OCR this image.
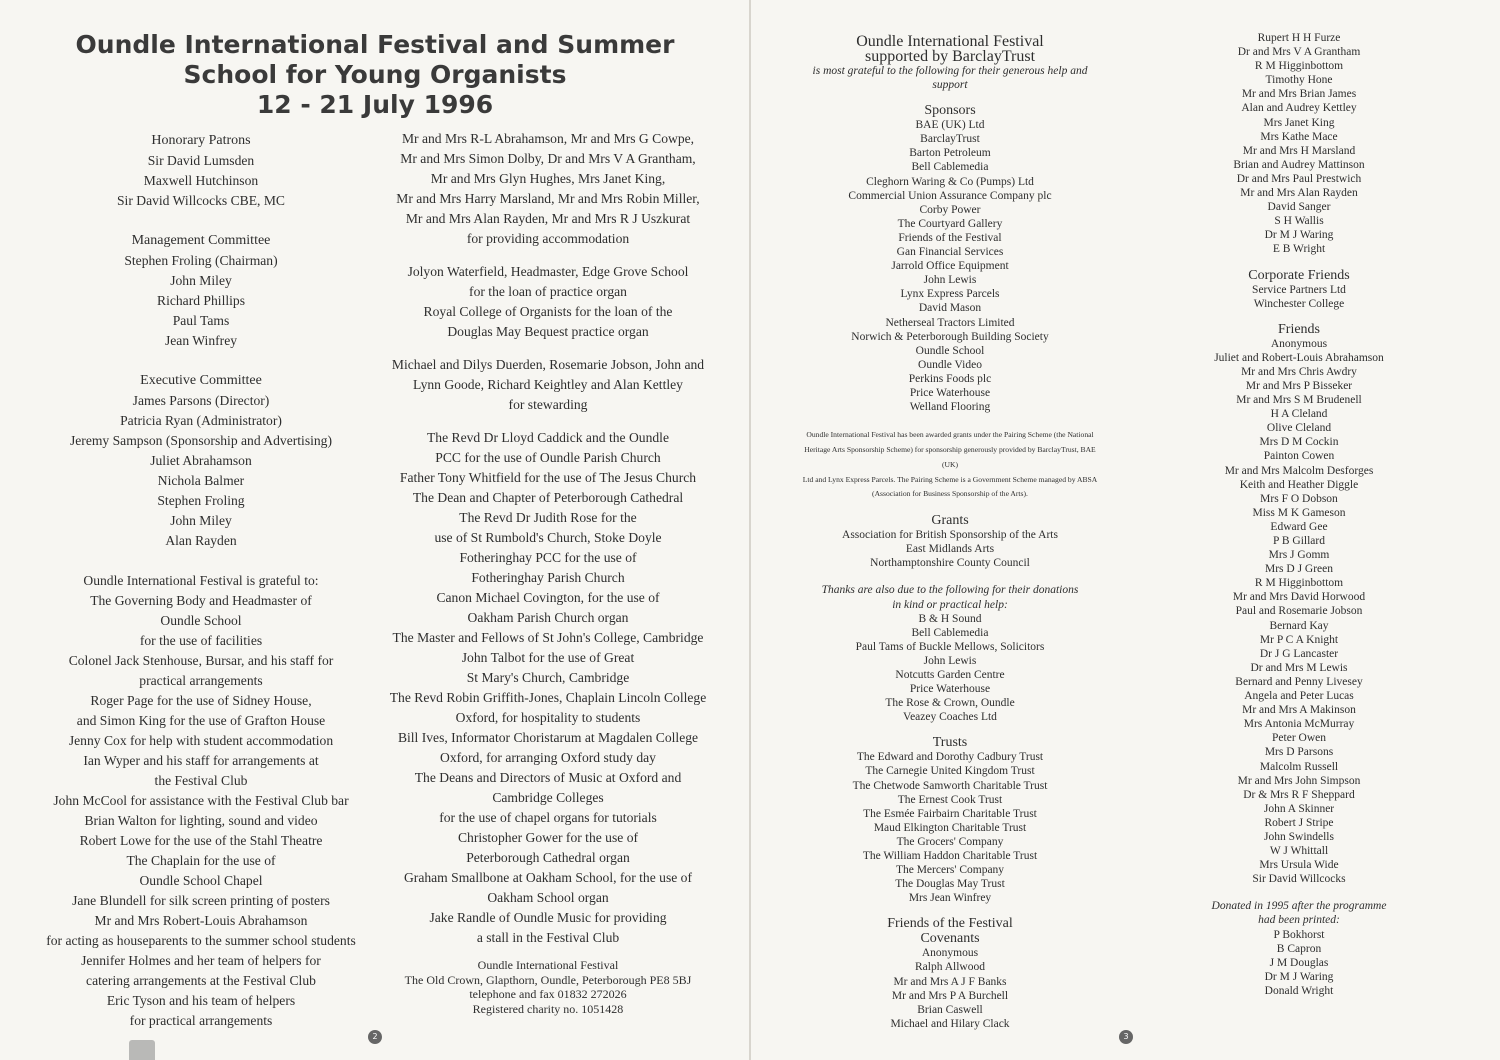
Oundle International Festival and Summer
School for Young Organists
12 - 21 July 1996
Honorary Patrons
Sir David Lumsden
Maxwell Hutchinson
Sir David Willcocks CBE, MC
Management Committee
Stephen Froling (Chairman)
John Miley
Richard Phillips
Paul Tams
Jean Winfrey
Executive Committee
James Parsons (Director)
Patricia Ryan (Administrator)
Jeremy Sampson (Sponsorship and Advertising)
Juliet Abrahamson
Nichola Balmer
Stephen Froling
John Miley
Alan Rayden
Oundle International Festival is grateful to:
The Governing Body and Headmaster of
Oundle School
for the use of facilities
Colonel Jack Stenhouse, Bursar, and his staff for
practical arrangements
Roger Page for the use of Sidney House,
and Simon King for the use of Grafton House
Jenny Cox for help with student accommodation
Ian Wyper and his staff for arrangements at
the Festival Club
John McCool for assistance with the Festival Club bar
Brian Walton for lighting, sound and video
Robert Lowe for the use of the Stahl Theatre
The Chaplain for the use of
Oundle School Chapel
Jane Blundell for silk screen printing of posters
Mr and Mrs Robert-Louis Abrahamson
for acting as houseparents to the summer school students
Jennifer Holmes and her team of helpers for
catering arrangements at the Festival Club
Eric Tyson and his team of helpers
for practical arrangements
Mr and Mrs R-L Abrahamson, Mr and Mrs G Cowpe,
Mr and Mrs Simon Dolby, Dr and Mrs V A Grantham,
Mr and Mrs Glyn Hughes, Mrs Janet King,
Mr and Mrs Harry Marsland, Mr and Mrs Robin Miller,
Mr and Mrs Alan Rayden, Mr and Mrs R J Uszkurat
for providing accommodation
Jolyon Waterfield, Headmaster, Edge Grove School
for the loan of practice organ
Royal College of Organists for the loan of the
Douglas May Bequest practice organ
Michael and Dilys Duerden, Rosemarie Jobson, John and
Lynn Goode, Richard Keightley and Alan Kettley
for stewarding
The Revd Dr Lloyd Caddick and the Oundle
PCC for the use of Oundle Parish Church
Father Tony Whitfield for the use of The Jesus Church
The Dean and Chapter of Peterborough Cathedral
The Revd Dr Judith Rose for the
use of St Rumbold's Church, Stoke Doyle
Fotheringhay PCC for the use of
Fotheringhay Parish Church
Canon Michael Covington, for the use of
Oakham Parish Church organ
The Master and Fellows of St John's College, Cambridge
John Talbot for the use of Great
St Mary's Church, Cambridge
The Revd Robin Griffith-Jones, Chaplain Lincoln College
Oxford, for hospitality to students
Bill Ives, Informator Choristarum at Magdalen College
Oxford, for arranging Oxford study day
The Deans and Directors of Music at Oxford and
Cambridge Colleges
for the use of chapel organs for tutorials
Christopher Gower for the use of
Peterborough Cathedral organ
Graham Smallbone at Oakham School, for the use of
Oakham School organ
Jake Randle of Oundle Music for providing
a stall in the Festival Club
Oundle International Festival
The Old Crown, Glapthorn, Oundle, Peterborough PE8 5BJ
telephone and fax 01832 272026
Registered charity no. 1051428
2
Oundle International Festival
supported by BarclayTrust
is most grateful to the following for their generous help and
support
Sponsors
BAE (UK) Ltd
BarclayTrust
Barton Petroleum
Bell Cablemedia
Cleghorn Waring & Co (Pumps) Ltd
Commercial Union Assurance Company plc
Corby Power
The Courtyard Gallery
Friends of the Festival
Gan Financial Services
Jarrold Office Equipment
John Lewis
Lynx Express Parcels
David Mason
Netherseal Tractors Limited
Norwich & Peterborough Building Society
Oundle School
Oundle Video
Perkins Foods plc
Price Waterhouse
Welland Flooring
Oundle International Festival has been awarded grants under the Pairing Scheme (the National
Heritage Arts Sponsorship Scheme) for sponsorship generously provided by BarclayTrust, BAE (UK)
Ltd and Lynx Express Parcels. The Pairing Scheme is a Government Scheme managed by ABSA
(Association for Business Sponsorship of the Arts).
Grants
Association for British Sponsorship of the Arts
East Midlands Arts
Northamptonshire County Council
Thanks are also due to the following for their donations
in kind or practical help:
B & H Sound
Bell Cablemedia
Paul Tams of Buckle Mellows, Solicitors
John Lewis
Notcutts Garden Centre
Price Waterhouse
The Rose & Crown, Oundle
Veazey Coaches Ltd
Trusts
The Edward and Dorothy Cadbury Trust
The Carnegie United Kingdom Trust
The Chetwode Samworth Charitable Trust
The Ernest Cook Trust
The Esmée Fairbairn Charitable Trust
Maud Elkington Charitable Trust
The Grocers' Company
The William Haddon Charitable Trust
The Mercers' Company
The Douglas May Trust
Mrs Jean Winfrey
Friends of the Festival
Covenants
Anonymous
Ralph Allwood
Mr and Mrs A J F Banks
Mr and Mrs P A Burchell
Brian Caswell
Michael and Hilary Clack
Rupert H H Furze
Dr and Mrs V A Grantham
R M Higginbottom
Timothy Hone
Mr and Mrs Brian James
Alan and Audrey Kettley
Mrs Janet King
Mrs Kathe Mace
Mr and Mrs H Marsland
Brian and Audrey Mattinson
Dr and Mrs Paul Prestwich
Mr and Mrs Alan Rayden
David Sanger
S H Wallis
Dr M J Waring
E B Wright
Corporate Friends
Service Partners Ltd
Winchester College
Friends
Anonymous
Juliet and Robert-Louis Abrahamson
Mr and Mrs Chris Awdry
Mr and Mrs P Bisseker
Mr and Mrs S M Brudenell
H A Cleland
Olive Cleland
Mrs D M Cockin
Painton Cowen
Mr and Mrs Malcolm Desforges
Keith and Heather Diggle
Mrs F O Dobson
Miss M K Gameson
Edward Gee
P B Gillard
Mrs J Gomm
Mrs D J Green
R M Higginbottom
Mr and Mrs David Horwood
Paul and Rosemarie Jobson
Bernard Kay
Mr P C A Knight
Dr J G Lancaster
Dr and Mrs M Lewis
Bernard and Penny Livesey
Angela and Peter Lucas
Mr and Mrs A Makinson
Mrs Antonia McMurray
Peter Owen
Mrs D Parsons
Malcolm Russell
Mr and Mrs John Simpson
Dr & Mrs R F Sheppard
John A Skinner
Robert J Stripe
John Swindells
W J Whittall
Mrs Ursula Wide
Sir David Willcocks
Donated in 1995 after the programme
had been printed:
P Bokhorst
B Capron
J M Douglas
Dr M J Waring
Donald Wright
3
